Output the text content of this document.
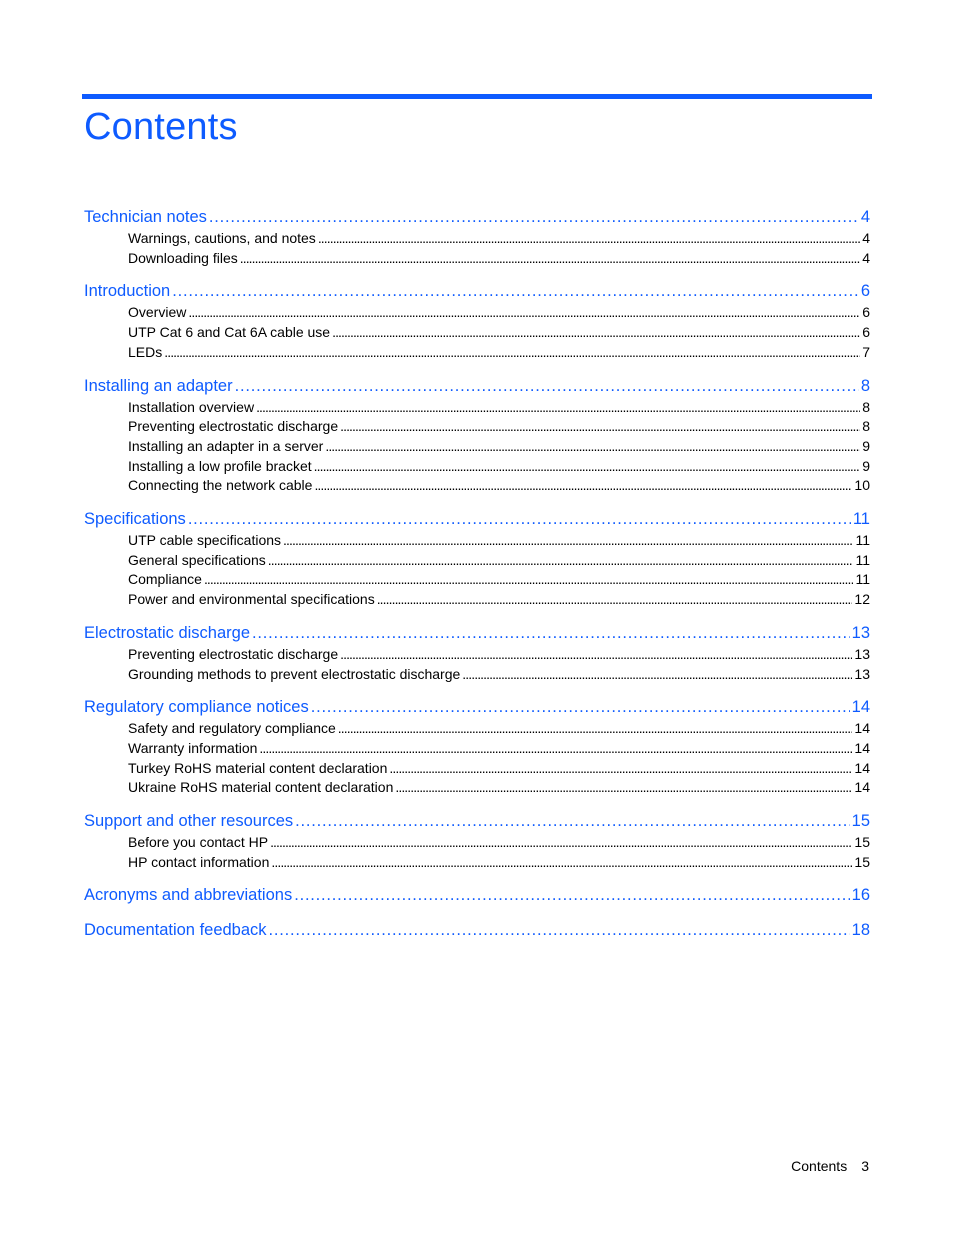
Contents
Technician notes . . .	4
Warnings, cautions, and notes . . .	4
Downloading files . . .	4
Introduction . . .	6
Overview . . .	6
UTP Cat 6 and Cat 6A cable use . . .	6
LEDs . . .	7
Installing an adapter . . .	8
Installation overview . . .	8
Preventing electrostatic discharge . . .	8
Installing an adapter in a server . . .	9
Installing a low profile bracket . . .	9
Connecting the network cable . . .	10
Specifications . . .	11
UTP cable specifications . . .	11
General specifications . . .	11
Compliance . . .	11
Power and environmental specifications . . .	12
Electrostatic discharge . . .	13
Preventing electrostatic discharge . . .	13
Grounding methods to prevent electrostatic discharge . . .	13
Regulatory compliance notices . . .	14
Safety and regulatory compliance . . .	14
Warranty information . . .	14
Turkey RoHS material content declaration . . .	14
Ukraine RoHS material content declaration . . .	14
Support and other resources . . .	15
Before you contact HP . . .	15
HP contact information . . .	15
Acronyms and abbreviations . . .	16
Documentation feedback . . .	18
Contents 3
